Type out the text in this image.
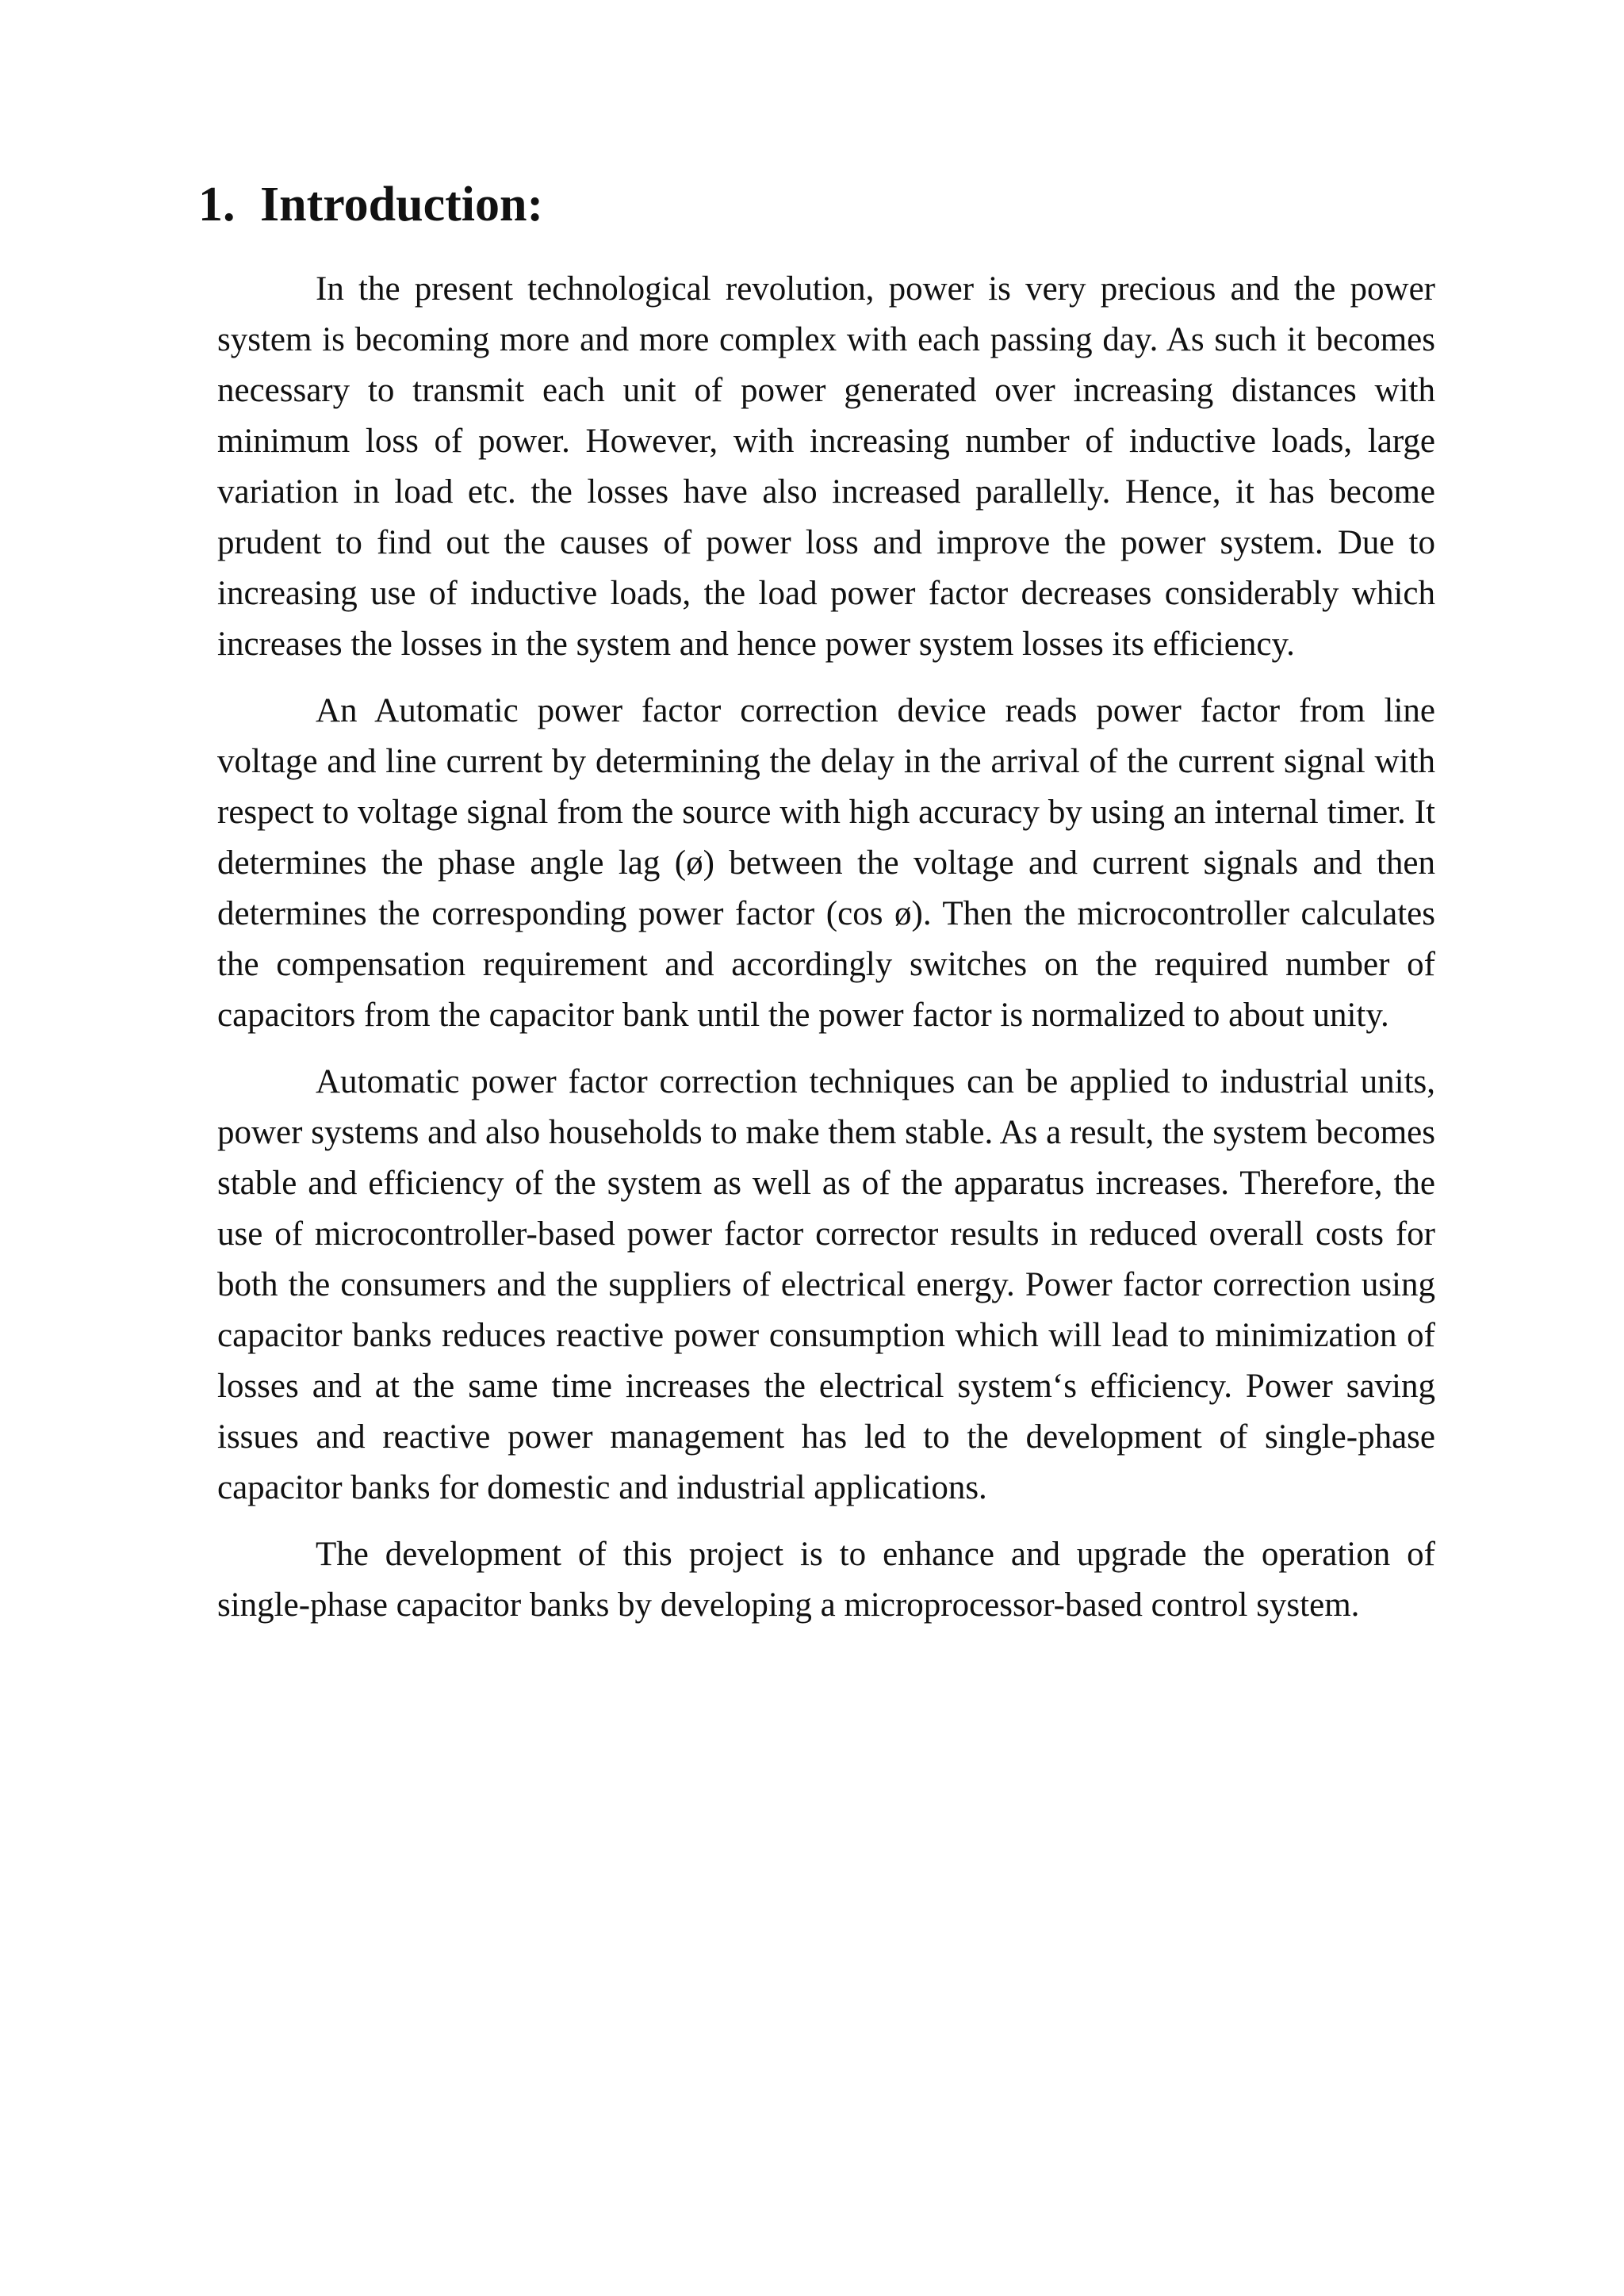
1. Introduction:

In the present technological revolution, power is very precious and the power system is becoming more and more complex with each passing day. As such it becomes necessary to transmit each unit of power generated over increasing distances with minimum loss of power. However, with increasing number of inductive loads, large variation in load etc. the losses have also increased parallelly. Hence, it has become prudent to find out the causes of power loss and improve the power system. Due to increasing use of inductive loads, the load power factor decreases considerably which increases the losses in the system and hence power system losses its efficiency.

An Automatic power factor correction device reads power factor from line voltage and line current by determining the delay in the arrival of the current signal with respect to voltage signal from the source with high accuracy by using an internal timer. It determines the phase angle lag (ø) between the voltage and current signals and then determines the corresponding power factor (cos ø). Then the microcontroller calculates the compensation requirement and accordingly switches on the required number of capacitors from the capacitor bank until the power factor is normalized to about unity.

Automatic power factor correction techniques can be applied to industrial units, power systems and also households to make them stable. As a result, the system becomes stable and efficiency of the system as well as of the apparatus increases. Therefore, the use of microcontroller-based power factor corrector results in reduced overall costs for both the consumers and the suppliers of electrical energy. Power factor correction using capacitor banks reduces reactive power consumption which will lead to minimization of losses and at the same time increases the electrical system‘s efficiency. Power saving issues and reactive power management has led to the development of single-phase capacitor banks for domestic and industrial applications.

The development of this project is to enhance and upgrade the operation of single-phase capacitor banks by developing a microprocessor-based control system.
